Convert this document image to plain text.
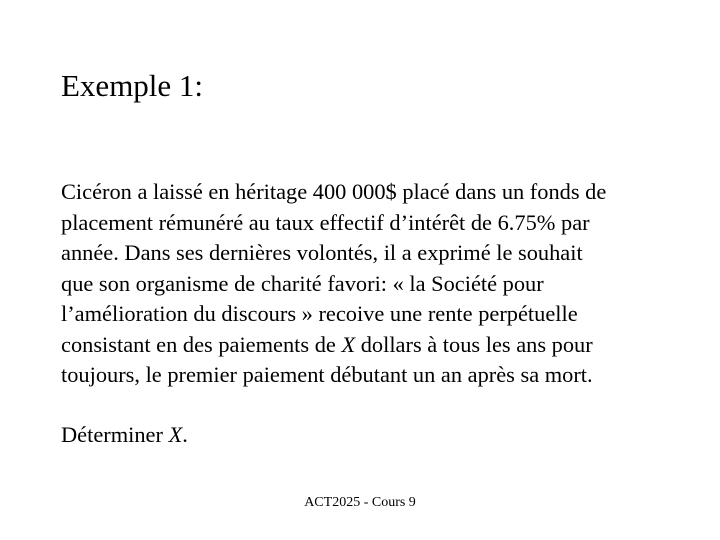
Exemple 1:
Cicéron a laissé en héritage 400 000$ placé dans un fonds de
placement rémunéré au taux effectif d’intérêt de 6.75% par
année. Dans ses dernières volontés, il a exprimé le souhait
que son organisme de charité favori: « la Société pour
l’amélioration du discours » recoive une rente perpétuelle
consistant en des paiements de X dollars à tous les ans pour
toujours, le premier paiement débutant un an après sa mort.
Déterminer X.
ACT2025 - Cours 9
